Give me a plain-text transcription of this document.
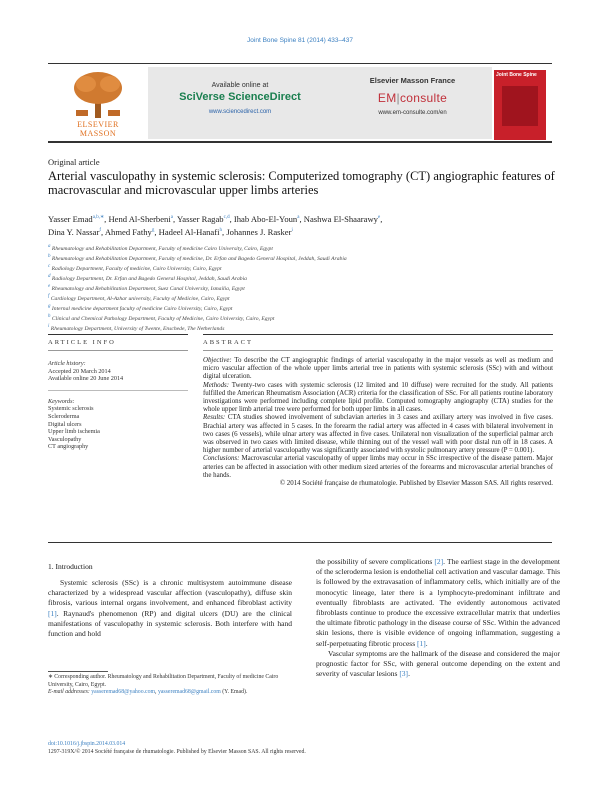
Joint Bone Spine 81 (2014) 433–437
ELSEVIER
MASSON
Available online at
SciVerse ScienceDirect
www.sciencedirect.com
Elsevier Masson France
EM|consulte
www.em-consulte.com/en
Joint Bone Spine
Original article
Arterial vasculopathy in systemic sclerosis: Computerized tomography (CT) angiographic features of macrovascular and microvascular upper limbs arteries
Yasser Emad$^{a,b,∗}$, Hend Al-Sherbeni$^a$, Yasser Ragab$^{c,d}$, Ihab Abo-El-Youn$^a$, Nashwa El-Shaarawy$^e$,
Dina Y. Nassar$^f$, Ahmed Fathy$^g$, Hadeel Al-Hanafi$^h$, Johannes J. Rasker$^i$
$^a$ Rheumatology and Rehabilitation Department, Faculty of medicine Cairo University, Cairo, Egypt
$^b$ Rheumatology and Rehabilitation Department, Faculty of medicine, Dr. Erfan and Bagedo General Hospital, Jeddah, Saudi Arabia
$^c$ Radiology Department, Faculty of medicine, Cairo University, Cairo, Egypt
$^d$ Radiology Department, Dr. Erfan and Bagedo General Hospital, Jeddah, Saudi Arabia
$^e$ Rheumatology and Rehabilitation Department, Suez Canal University, Ismailia, Egypt
$^f$ Cardiology Department, Al-Azhar university, Faculty of Medicine, Cairo, Egypt
$^g$ Internal medicine department faculty of medicine Cairo University, Cairo, Egypt
$^h$ Clinical and Chemical Pathology Department, Faculty of Medicine, Cairo University, Cairo, Egypt
$^i$ Rheumatology Department, University of Twente, Enschede, The Netherlands
ARTICLE INFO	ABSTRACT
Article history:
Accepted 20 March 2014
Available online 20 June 2014
Keywords:
Systemic sclerosis
Scleroderma
Digital ulcers
Upper limb ischemia
Vasculopathy
CT angiography

Objective: To describe the CT angiographic findings of arterial vasculopathy in the major vessels as well as medium and micro vascular affection of the whole upper limbs arterial tree in patients with systemic sclerosis (SSc) with and without digital ulceration.

Methods: Twenty-two cases with systemic sclerosis (12 limited and 10 diffuse) were recruited for the study. All patients fulfilled the American Rheumatism Association (ACR) criteria for the classification of SSc. For all patients routine laboratory investigations were performed including complete lipid profile. Computed tomography angiography (CTA) studies for the whole upper limb arterial tree were performed for both upper limbs in all cases.

Results: CTA studies showed involvement of subclavian arteries in 3 cases and axillary artery was involved in five cases. Brachial artery was affected in 5 cases. In the forearm the radial artery was affected in 4 cases with bilateral involvement in two cases (6 vessels), while ulnar artery was affected in five cases. Unilateral non visualization of the superficial palmar arch was observed in two cases with limited disease, while thinning out of the vessel wall with poor distal run off in 18 cases. A higher number of arterial vasculopathy was significantly associated with systolic pulmonary artery pressure (P = 0.001).

Conclusions: Macrovascular arterial vasculopathy of upper limbs may occur in SSc irrespective of the disease pattern. Major arteries can be affected in association with other medium sized arteries of the forearms and microvascular arterial branches of the hands.

© 2014 Société française de rhumatologie. Published by Elsevier Masson SAS. All rights reserved.

1. Introduction

Systemic sclerosis (SSc) is a chronic multisystem autoimmune disease characterized by a widespread vascular affection (vasculopathy), diffuse skin fibrosis, various internal organs involvement, and enhanced fibroblast activity [1]. Raynaud's phenomenon (RP) and digital ulcers (DU) are the clinical manifestations of vasculopathy in systemic sclerosis. Both interfere with hand function and hold

the possibility of severe complications [2]. The earliest stage in the development of the scleroderma lesion is endothelial cell activation and vascular damage. This is followed by the extravasation of inflammatory cells, which initially are of the monocytic lineage, later there is a lymphocyte-predominant infiltrate and eventually fibroblasts are activated. The evidently autonomous activated fibroblasts continue to produce the excessive extracellular matrix that underlies the ultimate fibrotic pathology in the disease course of SSc. Within the advanced skin lesions, there is visible evidence of ongoing inflammation, suggesting a self-perpetuating fibrotic process [1].

Vascular symptoms are the hallmark of the disease and considered the major prognostic factor for SSc, with general outcome depending on the extent and severity of vascular lesions [3].

∗ Corresponding author. Rheumatology and Rehabilitation Department, Faculty of medicine Cairo University, Cairo, Egypt.
E-mail addresses: yasseremad68@yahoo.com, yasseremad68@gmail.com (Y. Emad).
doi:10.1016/j.jbspin.2014.03.014
1297-319X/© 2014 Société française de rhumatologie. Published by Elsevier Masson SAS. All rights reserved.
